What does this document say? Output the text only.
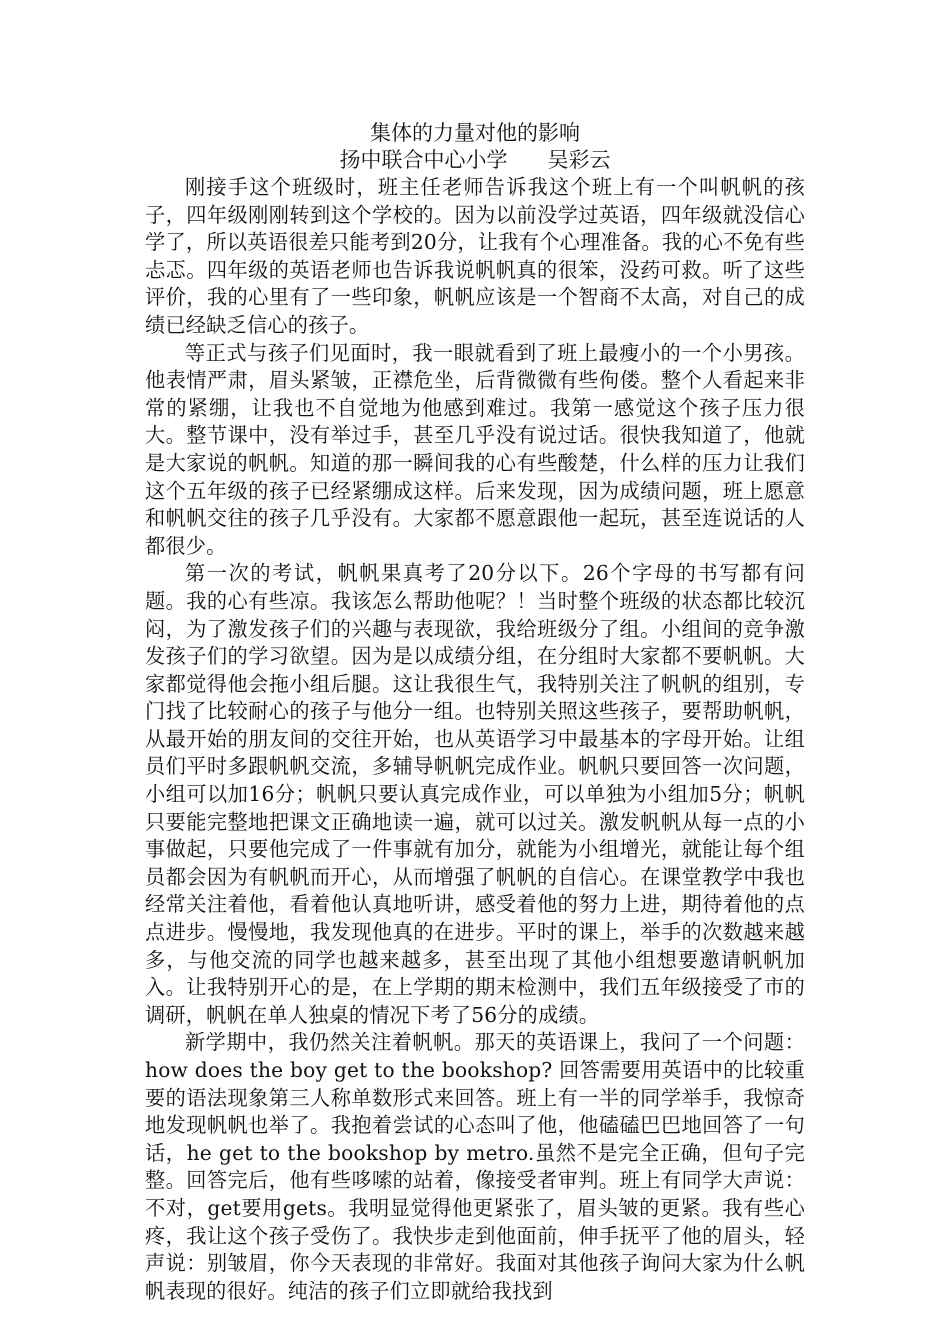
集体的力量对他的影响
扬中联合中心小学 吴彩云

刚接手这个班级时，班主任老师告诉我这个班上有一个叫帆帆的孩子，四年级刚刚转到这个学校的。因为以前没学过英语，四年级就没信心学了，所以英语很差只能考到20分，让我有个心理准备。我的心不免有些忐忑。四年级的英语老师也告诉我说帆帆真的很笨，没药可救。听了这些评价，我的心里有了一些印象，帆帆应该是一个智商不太高，对自己的成绩已经缺乏信心的孩子。

等正式与孩子们见面时，我一眼就看到了班上最瘦小的一个小男孩。他表情严肃，眉头紧皱，正襟危坐，后背微微有些佝偻。整个人看起来非常的紧绷，让我也不自觉地为他感到难过。我第一感觉这个孩子压力很大。整节课中，没有举过手，甚至几乎没有说过话。很快我知道了，他就是大家说的帆帆。知道的那一瞬间我的心有些酸楚，什么样的压力让我们这个五年级的孩子已经紧绷成这样。后来发现，因为成绩问题，班上愿意和帆帆交往的孩子几乎没有。大家都不愿意跟他一起玩，甚至连说话的人都很少。

第一次的考试，帆帆果真考了20分以下。26个字母的书写都有问题。我的心有些凉。我该怎么帮助他呢？！当时整个班级的状态都比较沉闷，为了激发孩子们的兴趣与表现欲，我给班级分了组。小组间的竞争激发孩子们的学习欲望。因为是以成绩分组，在分组时大家都不要帆帆。大家都觉得他会拖小组后腿。这让我很生气，我特别关注了帆帆的组别，专门找了比较耐心的孩子与他分一组。也特别关照这些孩子，要帮助帆帆，从最开始的朋友间的交往开始，也从英语学习中最基本的字母开始。让组员们平时多跟帆帆交流，多辅导帆帆完成作业。帆帆只要回答一次问题，小组可以加16分；帆帆只要认真完成作业，可以单独为小组加5分；帆帆只要能完整地把课文正确地读一遍，就可以过关。激发帆帆从每一点的小事做起，只要他完成了一件事就有加分，就能为小组增光，就能让每个组员都会因为有帆帆而开心，从而增强了帆帆的自信心。在课堂教学中我也经常关注着他，看着他认真地听讲，感受着他的努力上进，期待着他的点点进步。慢慢地，我发现他真的在进步。平时的课上，举手的次数越来越多，与他交流的同学也越来越多，甚至出现了其他小组想要邀请帆帆加入。让我特别开心的是，在上学期的期末检测中，我们五年级接受了市的调研，帆帆在单人独桌的情况下考了56分的成绩。

新学期中，我仍然关注着帆帆。那天的英语课上，我问了一个问题：how does the boy get to the bookshop? 回答需要用英语中的比较重要的语法现象第三人称单数形式来回答。班上有一半的同学举手，我惊奇地发现帆帆也举了。我抱着尝试的心态叫了他，他磕磕巴巴地回答了一句话，he get to the bookshop by metro.虽然不是完全正确，但句子完整。回答完后，他有些哆嗦的站着，像接受者审判。班上有同学大声说：不对，get要用gets。我明显觉得他更紧张了，眉头皱的更紧。我有些心疼，我让这个孩子受伤了。我快步走到他面前，伸手抚平了他的眉头，轻声说：别皱眉，你今天表现的非常好。我面对其他孩子询问大家为什么帆帆表现的很好。纯洁的孩子们立即就给我找到
